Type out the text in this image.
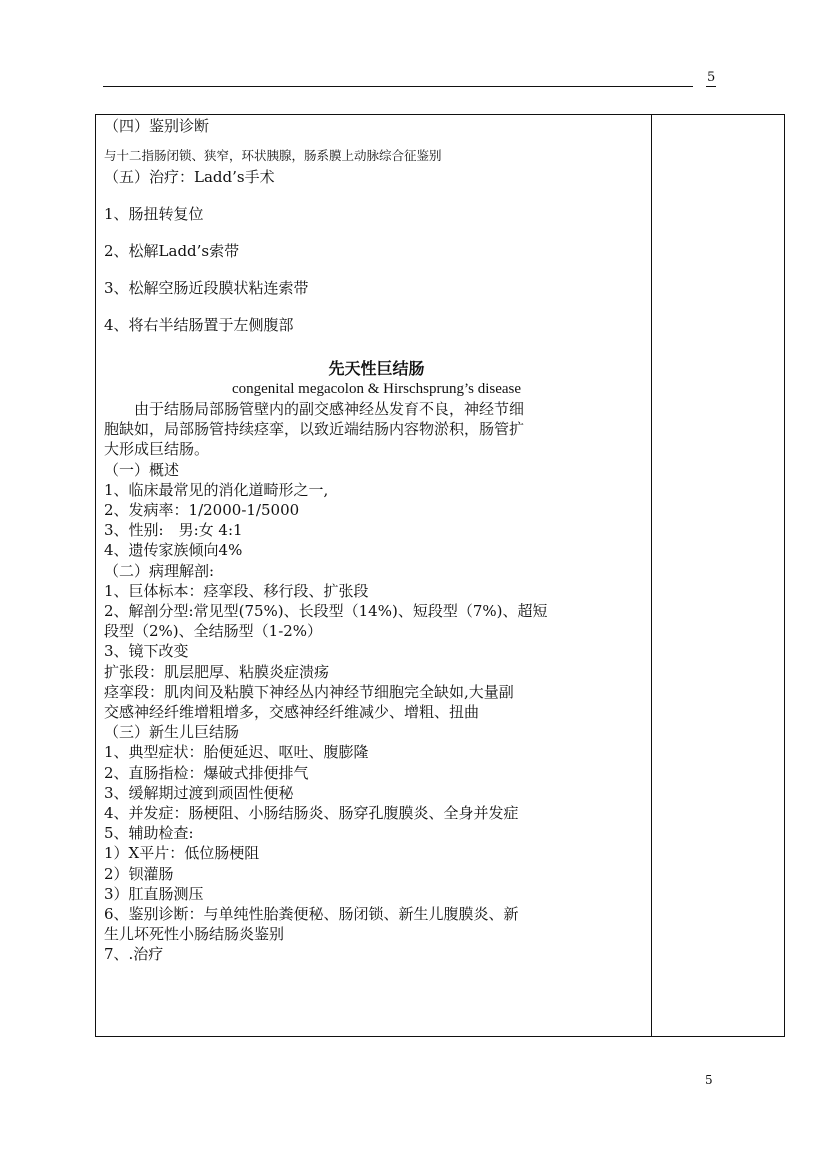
5
（四）鉴别诊断
与十二指肠闭锁、狭窄，环状胰腺，肠系膜上动脉综合征鉴别
（五）治疗：Ladd’s手术
1、肠扭转复位
2、松解Ladd’s索带
3、松解空肠近段膜状粘连索带
4、将右半结肠置于左侧腹部
先天性巨结肠
congenital megacolon & Hirschsprung’s disease
　　由于结肠局部肠管壁内的副交感神经丛发育不良，神经节细
胞缺如，局部肠管持续痉挛，以致近端结肠内容物淤积，肠管扩
大形成巨结肠。
（一）概述
1、临床最常见的消化道畸形之一,
2、发病率：1/2000-1/5000
3、性别:　男:女 4:1
4、遗传家族倾向4%
（二）病理解剖:
1、巨体标本：痉挛段、移行段、扩张段
2、解剖分型:常见型(75%)、长段型（14%)、短段型（7%)、超短
段型（2%)、全结肠型（1-2%）
3、镜下改变
扩张段：肌层肥厚、粘膜炎症溃疡
痉挛段：肌肉间及粘膜下神经丛内神经节细胞完全缺如,大量副
交感神经纤维增粗增多，交感神经纤维减少、增粗、扭曲
（三）新生儿巨结肠
1、典型症状：胎便延迟、呕吐、腹膨隆
2、直肠指检：爆破式排便排气
3、缓解期过渡到顽固性便秘
4、并发症：肠梗阻、小肠结肠炎、肠穿孔腹膜炎、全身并发症
5、辅助检查:
1）X平片：低位肠梗阻
2）钡灌肠
3）肛直肠测压
6、鉴别诊断：与单纯性胎粪便秘、肠闭锁、新生儿腹膜炎、新
生儿坏死性小肠结肠炎鉴别
7、.治疗
5
